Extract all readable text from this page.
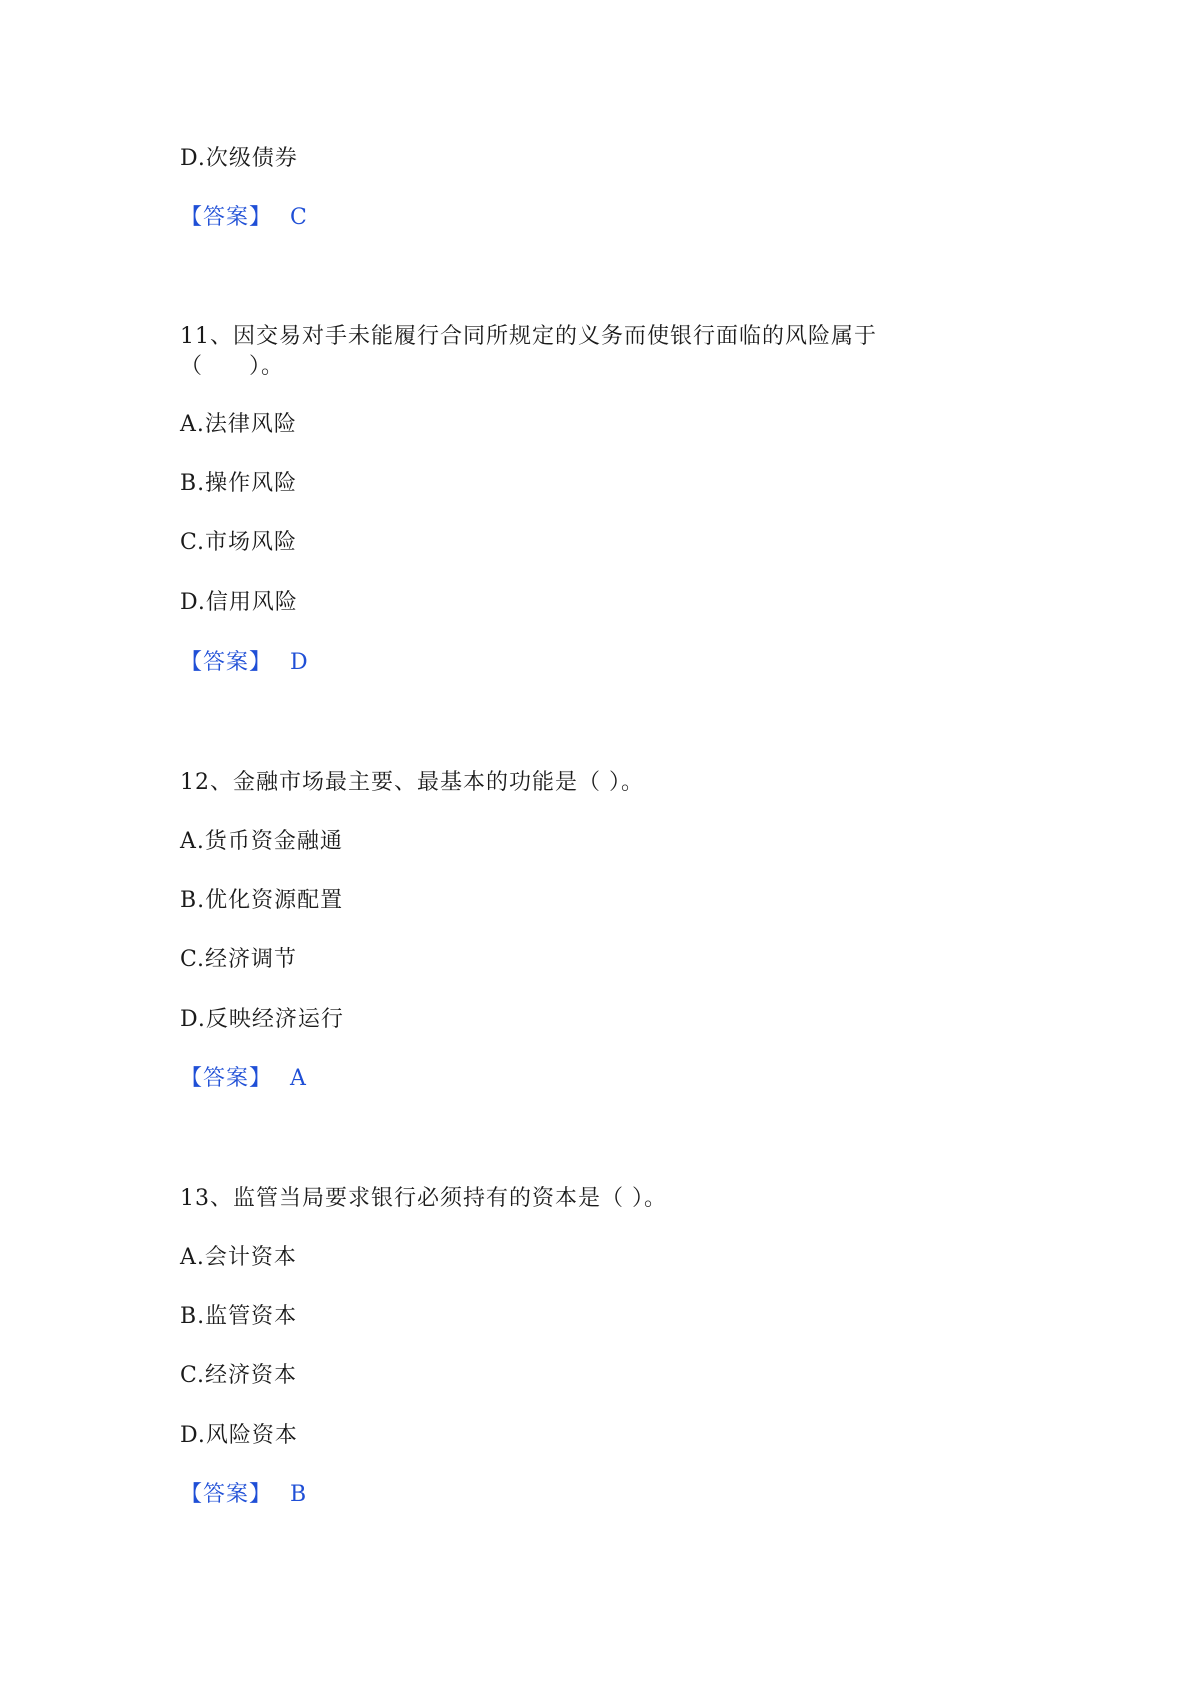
D.次级债券
【答案】 C
11、因交易对手未能履行合同所规定的义务而使银行面临的风险属于
（　　）。
A.法律风险
B.操作风险
C.市场风险
D.信用风险
【答案】 D
12、金融市场最主要、最基本的功能是（ ）。
A.货币资金融通
B.优化资源配置
C.经济调节
D.反映经济运行
【答案】 A
13、监管当局要求银行必须持有的资本是（ ）。
A.会计资本
B.监管资本
C.经济资本
D.风险资本
【答案】 B
